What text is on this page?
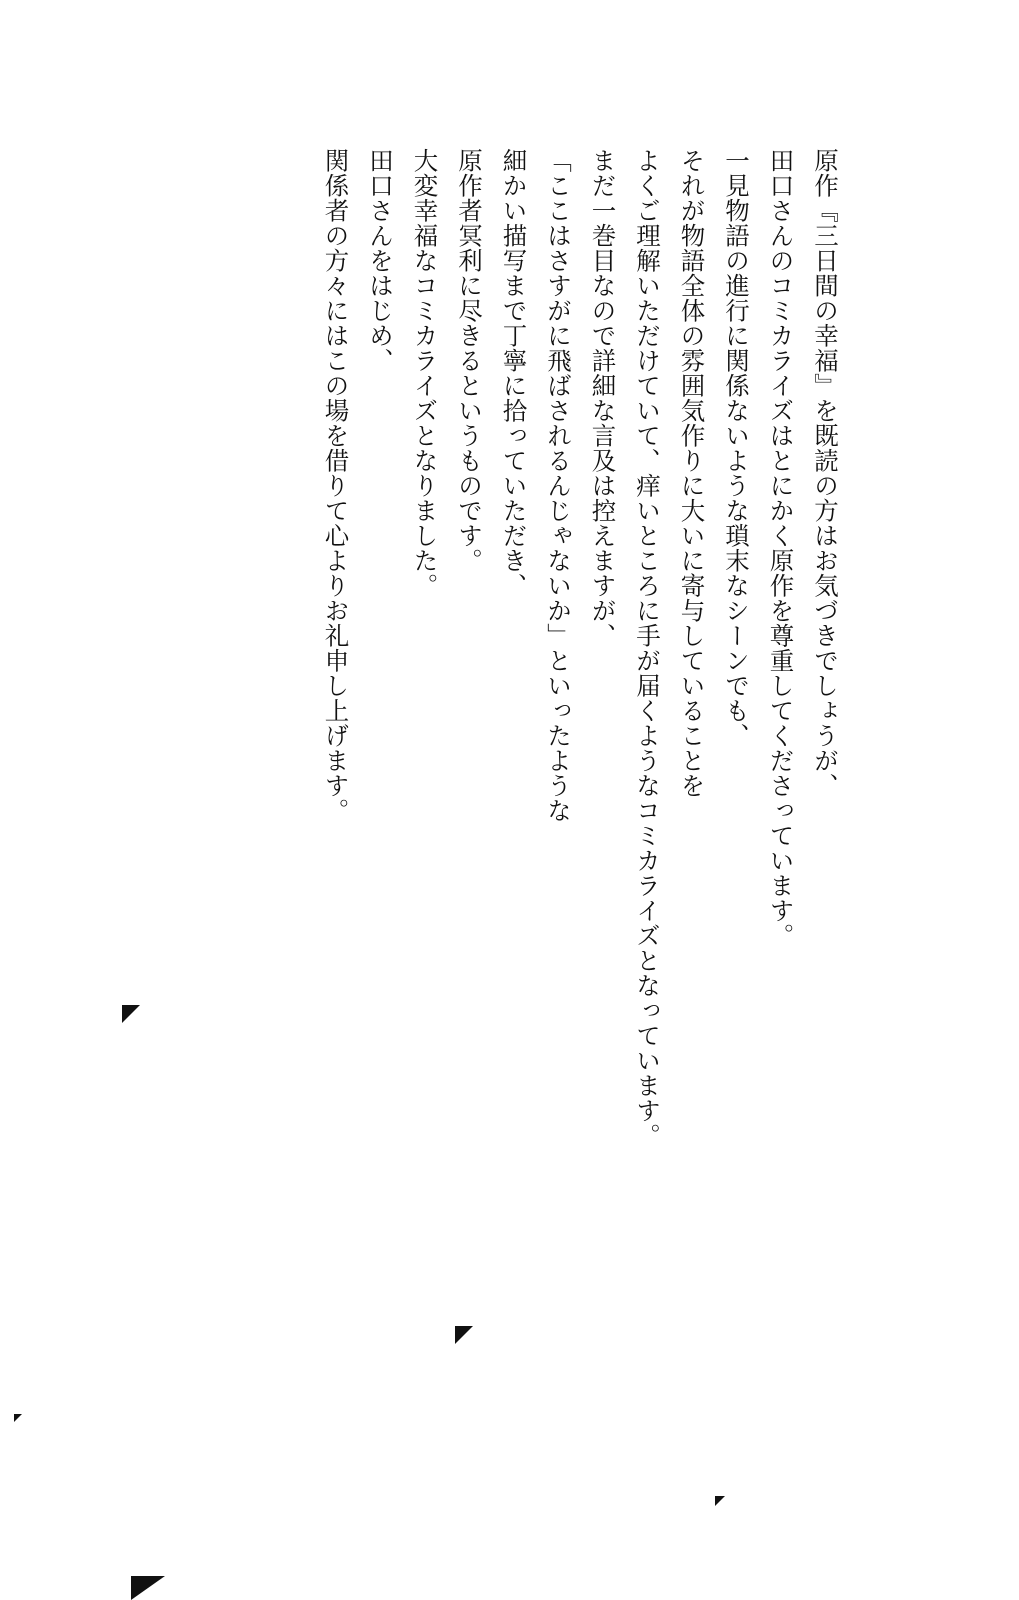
原作『三日間の幸福』を既読の方はお気づきでしょうが、
田口さんのコミカライズはとにかく原作を尊重してくださっています。
一見物語の進行に関係ないような瑣末なシーンでも、
それが物語全体の雰囲気作りに大いに寄与していることを
よくご理解いただけていて、痒いところに手が届くようなコミカライズとなっています。
まだ一巻目なので詳細な言及は控えますが、
「ここはさすがに飛ばされるんじゃないか」といったような
細かい描写まで丁寧に拾っていただき、
原作者冥利に尽きるというものです。
大変幸福なコミカライズとなりました。
田口さんをはじめ、
関係者の方々にはこの場を借りて心よりお礼申し上げます。
